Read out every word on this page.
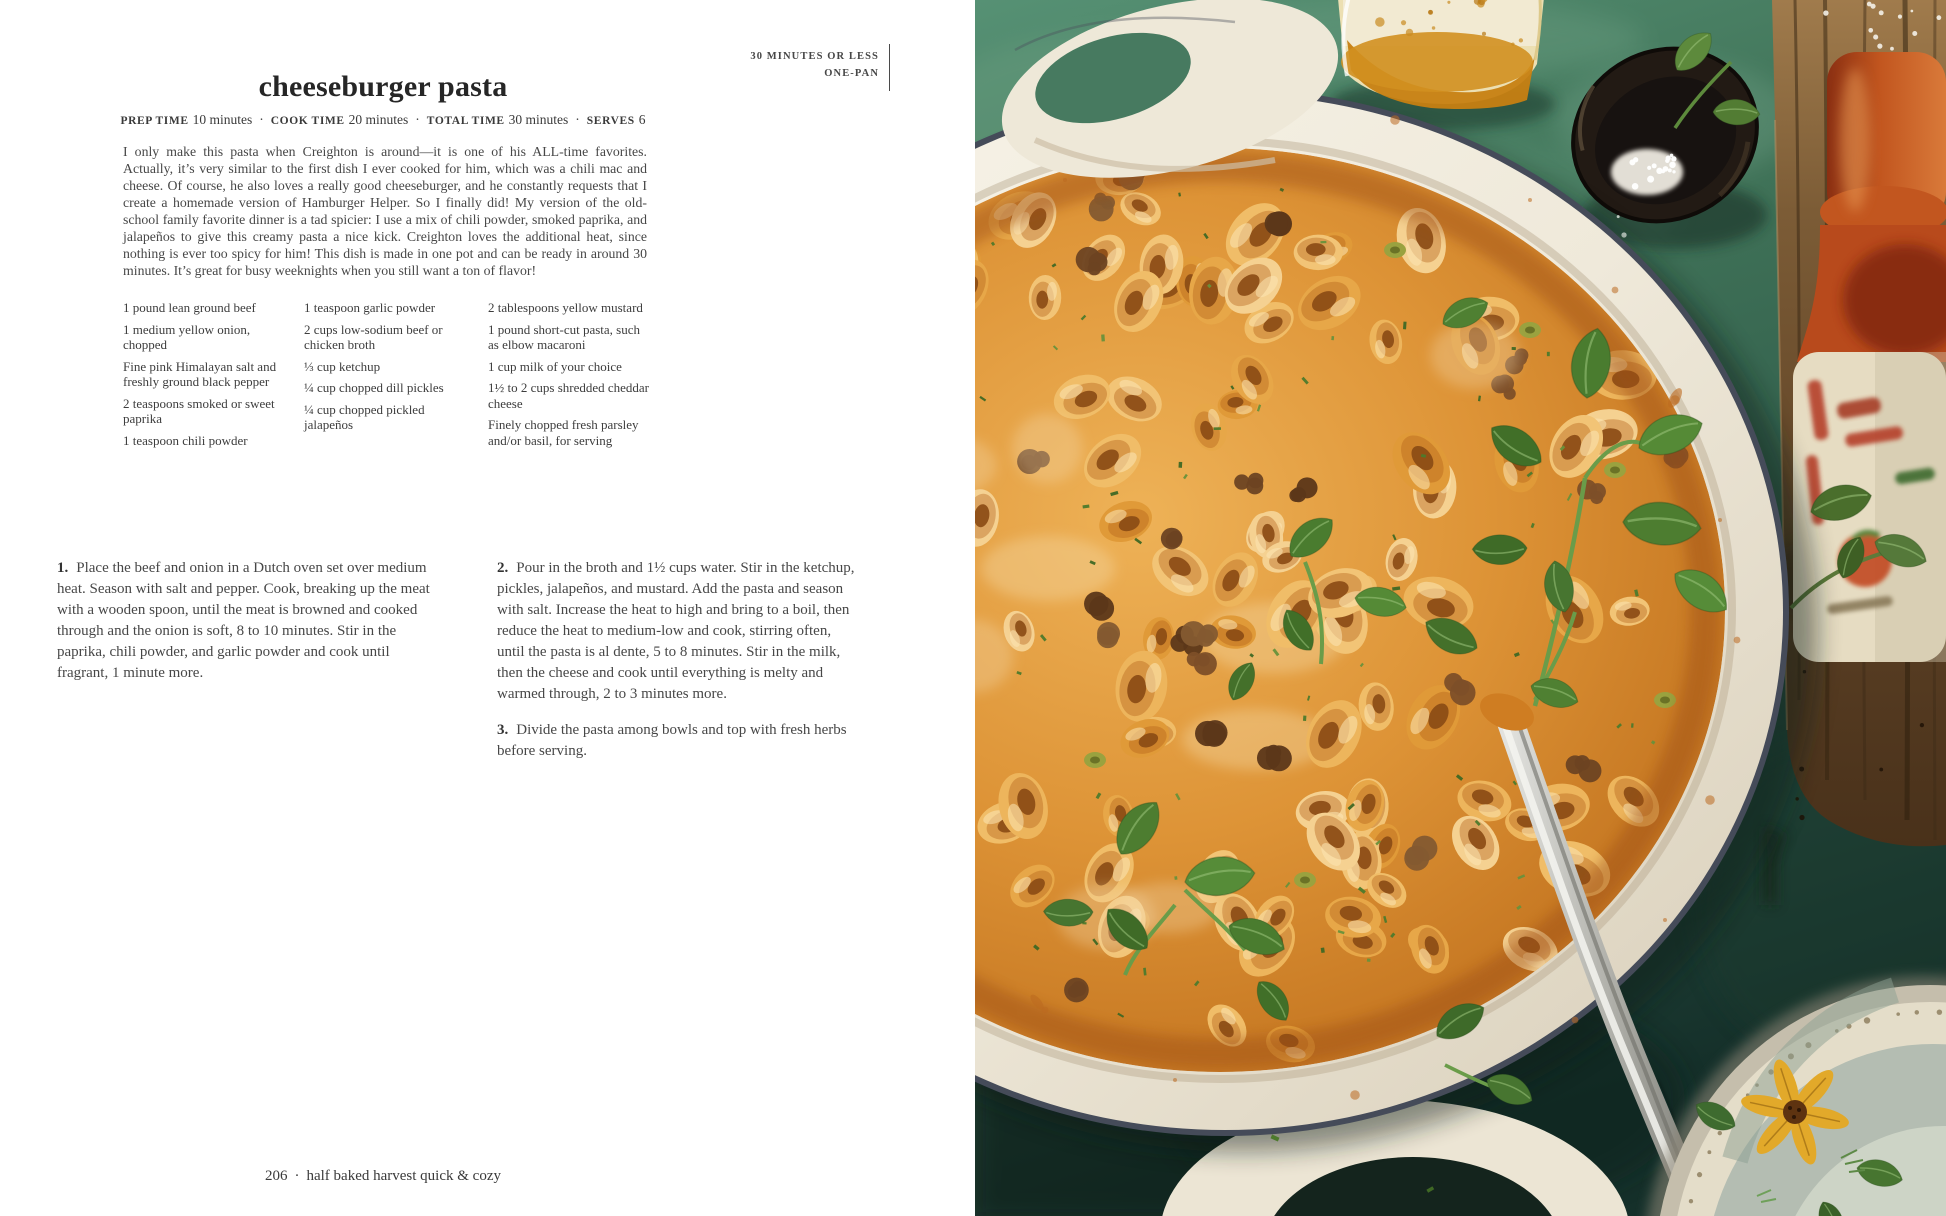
30 MINUTES OR LESS
ONE-PAN
cheeseburger pasta
PREP TIME 10 minutes · COOK TIME 20 minutes · TOTAL TIME 30 minutes · SERVES 6

I only make this pasta when Creighton is around—it is one of his ALL-time favorites. Actually, it’s very similar to the first dish I ever cooked for him, which was a chili mac and cheese. Of course, he also loves a really good cheeseburger, and he constantly requests that I create a homemade version of Hamburger Helper. So I finally did! My version of the old-school family favorite dinner is a tad spicier: I use a mix of chili powder, smoked paprika, and jalapeños to give this creamy pasta a nice kick. Creighton loves the additional heat, since nothing is ever too spicy for him! This dish is made in one pot and can be ready in around 30 minutes. It’s great for busy weeknights when you still want a ton of flavor!

1 pound lean ground beef

1 medium yellow onion, chopped

Fine pink Himalayan salt and freshly ground black pepper

2 teaspoons smoked or sweet paprika

1 teaspoon chili powder

1 teaspoon garlic powder

2 cups low-sodium beef or chicken broth

⅓ cup ketchup

¼ cup chopped dill pickles

¼ cup chopped pickled jalapeños

2 tablespoons yellow mustard

1 pound short-cut pasta, such as elbow macaroni

1 cup milk of your choice

1½ to 2 cups shredded cheddar cheese

Finely chopped fresh parsley and/or basil, for serving

1. Place the beef and onion in a Dutch oven set over medium heat. Season with salt and pepper. Cook, breaking up the meat with a wooden spoon, until the meat is browned and cooked through and the onion is soft, 8 to 10 minutes. Stir in the paprika, chili powder, and garlic powder and cook until fragrant, 1 minute more.

2. Pour in the broth and 1½ cups water. Stir in the ketchup, pickles, jalapeños, and mustard. Add the pasta and season with salt. Increase the heat to high and bring to a boil, then reduce the heat to medium-low and cook, stirring often, until the pasta is al dente, 5 to 8 minutes. Stir in the milk, then the cheese and cook until everything is melty and warmed through, 2 to 3 minutes more.

3. Divide the pasta among bowls and top with fresh herbs before serving.

206 · half baked harvest quick & cozy
